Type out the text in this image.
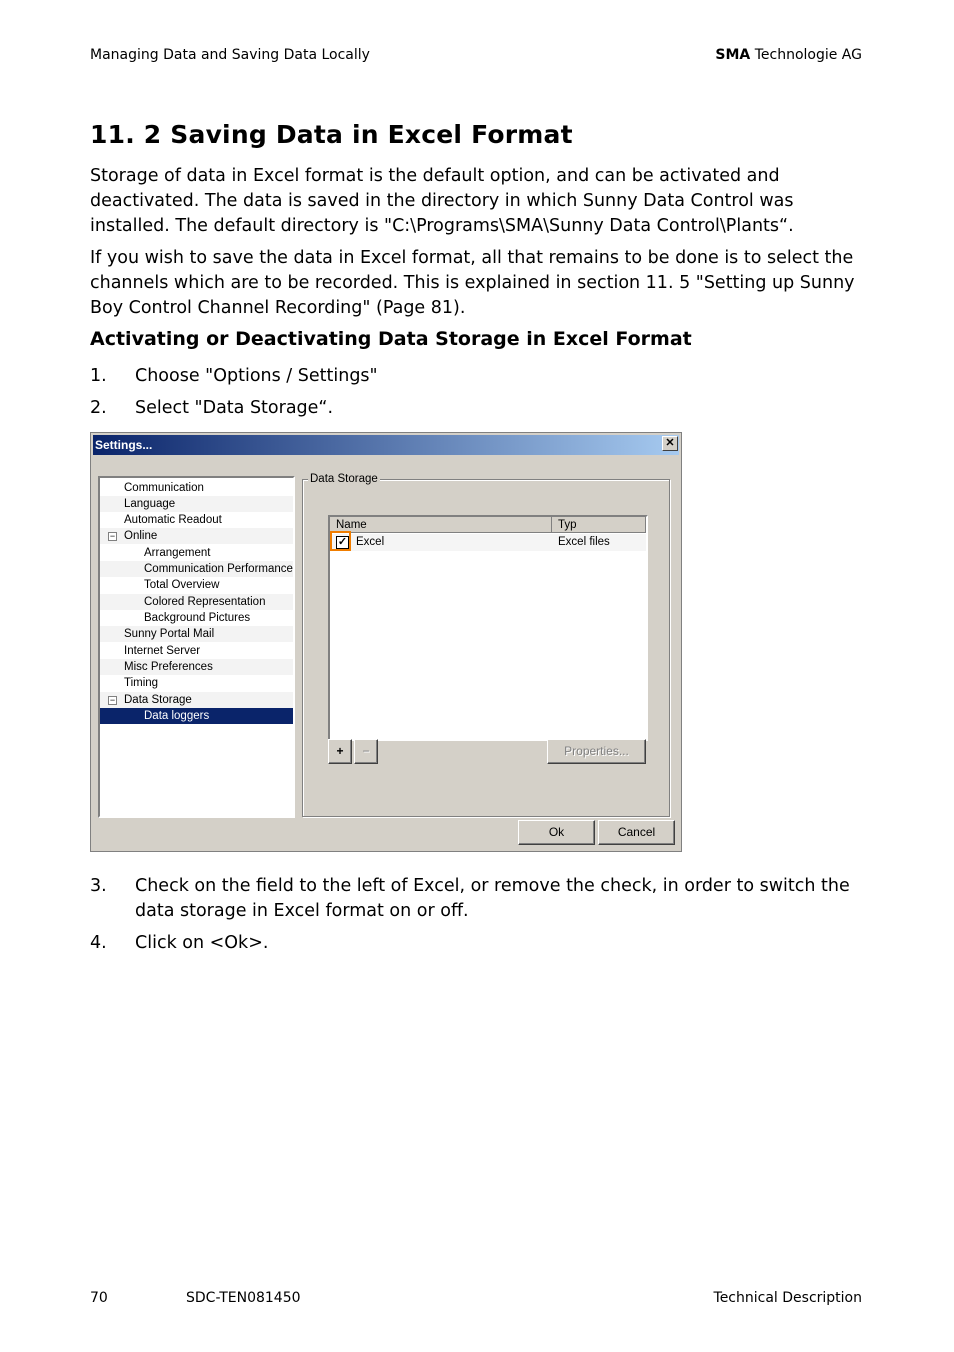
Managing Data and Saving Data Locally	SMA Technologie AG
11. 2 Saving Data in Excel Format

Storage of data in Excel format is the default option, and can be activated and deactivated. The data is saved in the directory in which Sunny Data Control was installed. The default directory is "C:\Programs\SMA\Sunny Data Control\Plants“.

If you wish to save the data in Excel format, all that remains to be done is to select the channels which are to be recorded. This is explained in section 11. 5 "Setting up Sunny Boy Control Channel Recording" (Page 81).

Activating or Deactivating Data Storage in Excel Format
1. Choose "Options / Settings"
2. Select "Data Storage“.
Settings...	✕
Communication
Language
Automatic Readout
− Online
Arrangement
Communication Performance
Total Overview
Colored Representation
Background Pictures
Sunny Portal Mail
Internet Server
Misc Preferences
Timing
− Data Storage
Data loggers
Data Storage
Name	Typ
✓ Excel	Excel files
+	−	Properties...
Ok	Cancel
3. Check on the field to the left of Excel, or remove the check, in order to switch the data storage in Excel format on or off.
4. Click on <Ok>.
70	SDC-TEN081450	Technical Description
